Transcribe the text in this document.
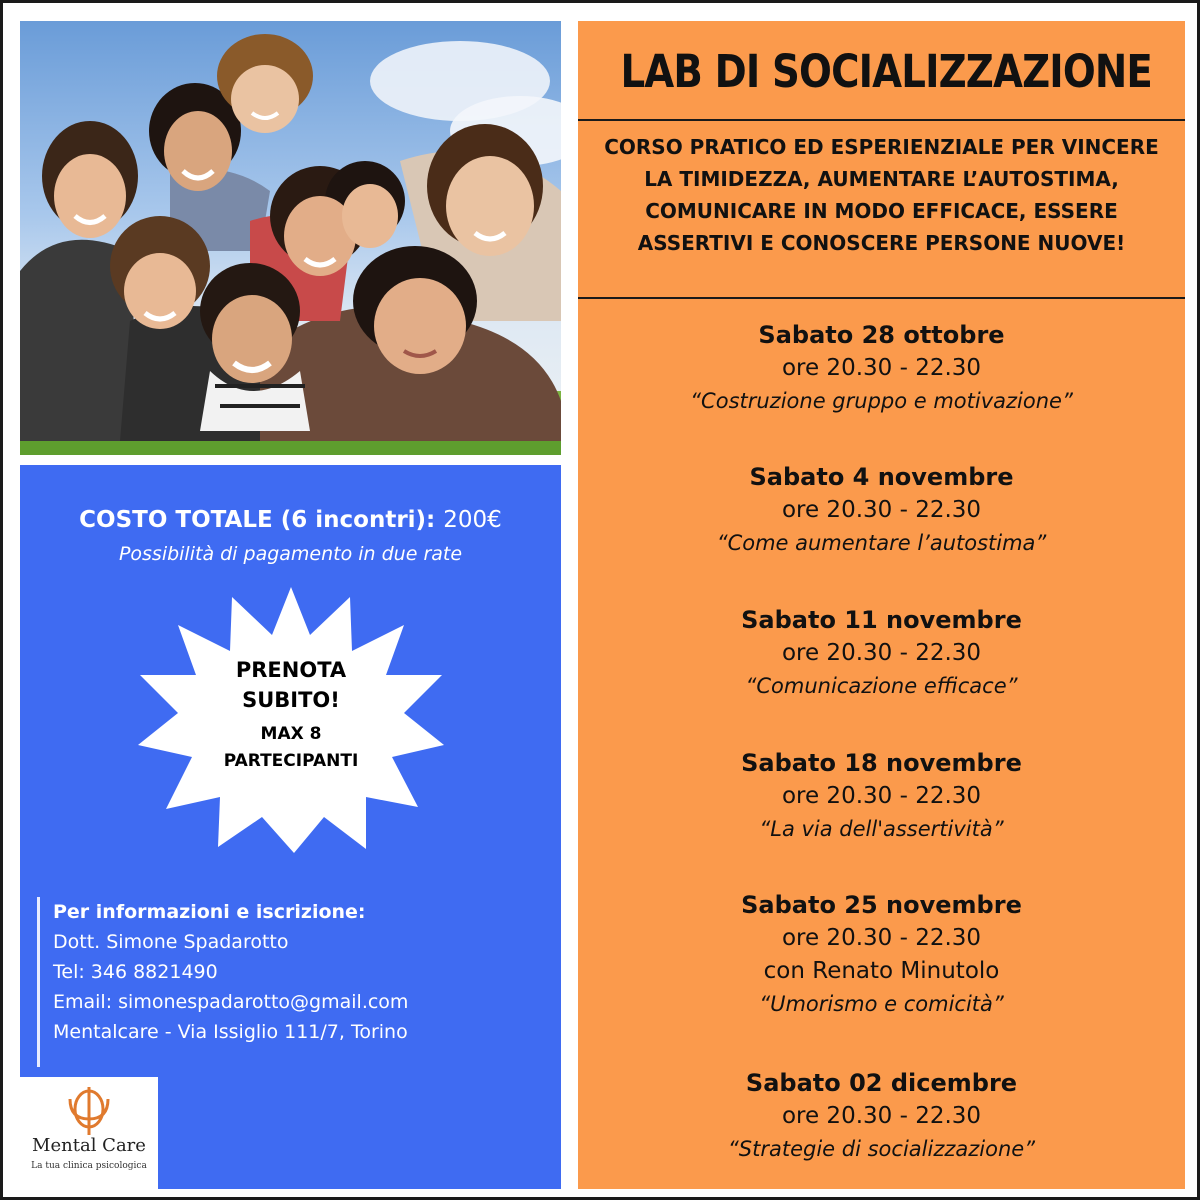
COSTO TOTALE (6 incontri): 200€
Possibilità di pagamento in due rate
PRENOTA
SUBITO!
MAX 8
PARTECIPANTI
Per informazioni e iscrizione:
Dott. Simone Spadarotto
Tel: 346 8821490
Email: simonespadarotto@gmail.com
Mentalcare - Via Issiglio 111/7, Torino
Mental Care
La tua clinica psicologica
LAB DI SOCIALIZZAZIONE
CORSO PRATICO ED ESPERIENZIALE PER VINCERE LA TIMIDEZZA, AUMENTARE L’AUTOSTIMA, COMUNICARE IN MODO EFFICACE, ESSERE ASSERTIVI E CONOSCERE PERSONE NUOVE!
Sabato 28 ottobre
ore 20.30 - 22.30
“Costruzione gruppo e motivazione”
Sabato 4 novembre
ore 20.30 - 22.30
“Come aumentare l’autostima”
Sabato 11 novembre
ore 20.30 - 22.30
“Comunicazione efficace”
Sabato 18 novembre
ore 20.30 - 22.30
“La via dell'assertività”
Sabato 25 novembre
ore 20.30 - 22.30
con Renato Minutolo
“Umorismo e comicità”
Sabato 02 dicembre
ore 20.30 - 22.30
“Strategie di socializzazione”
